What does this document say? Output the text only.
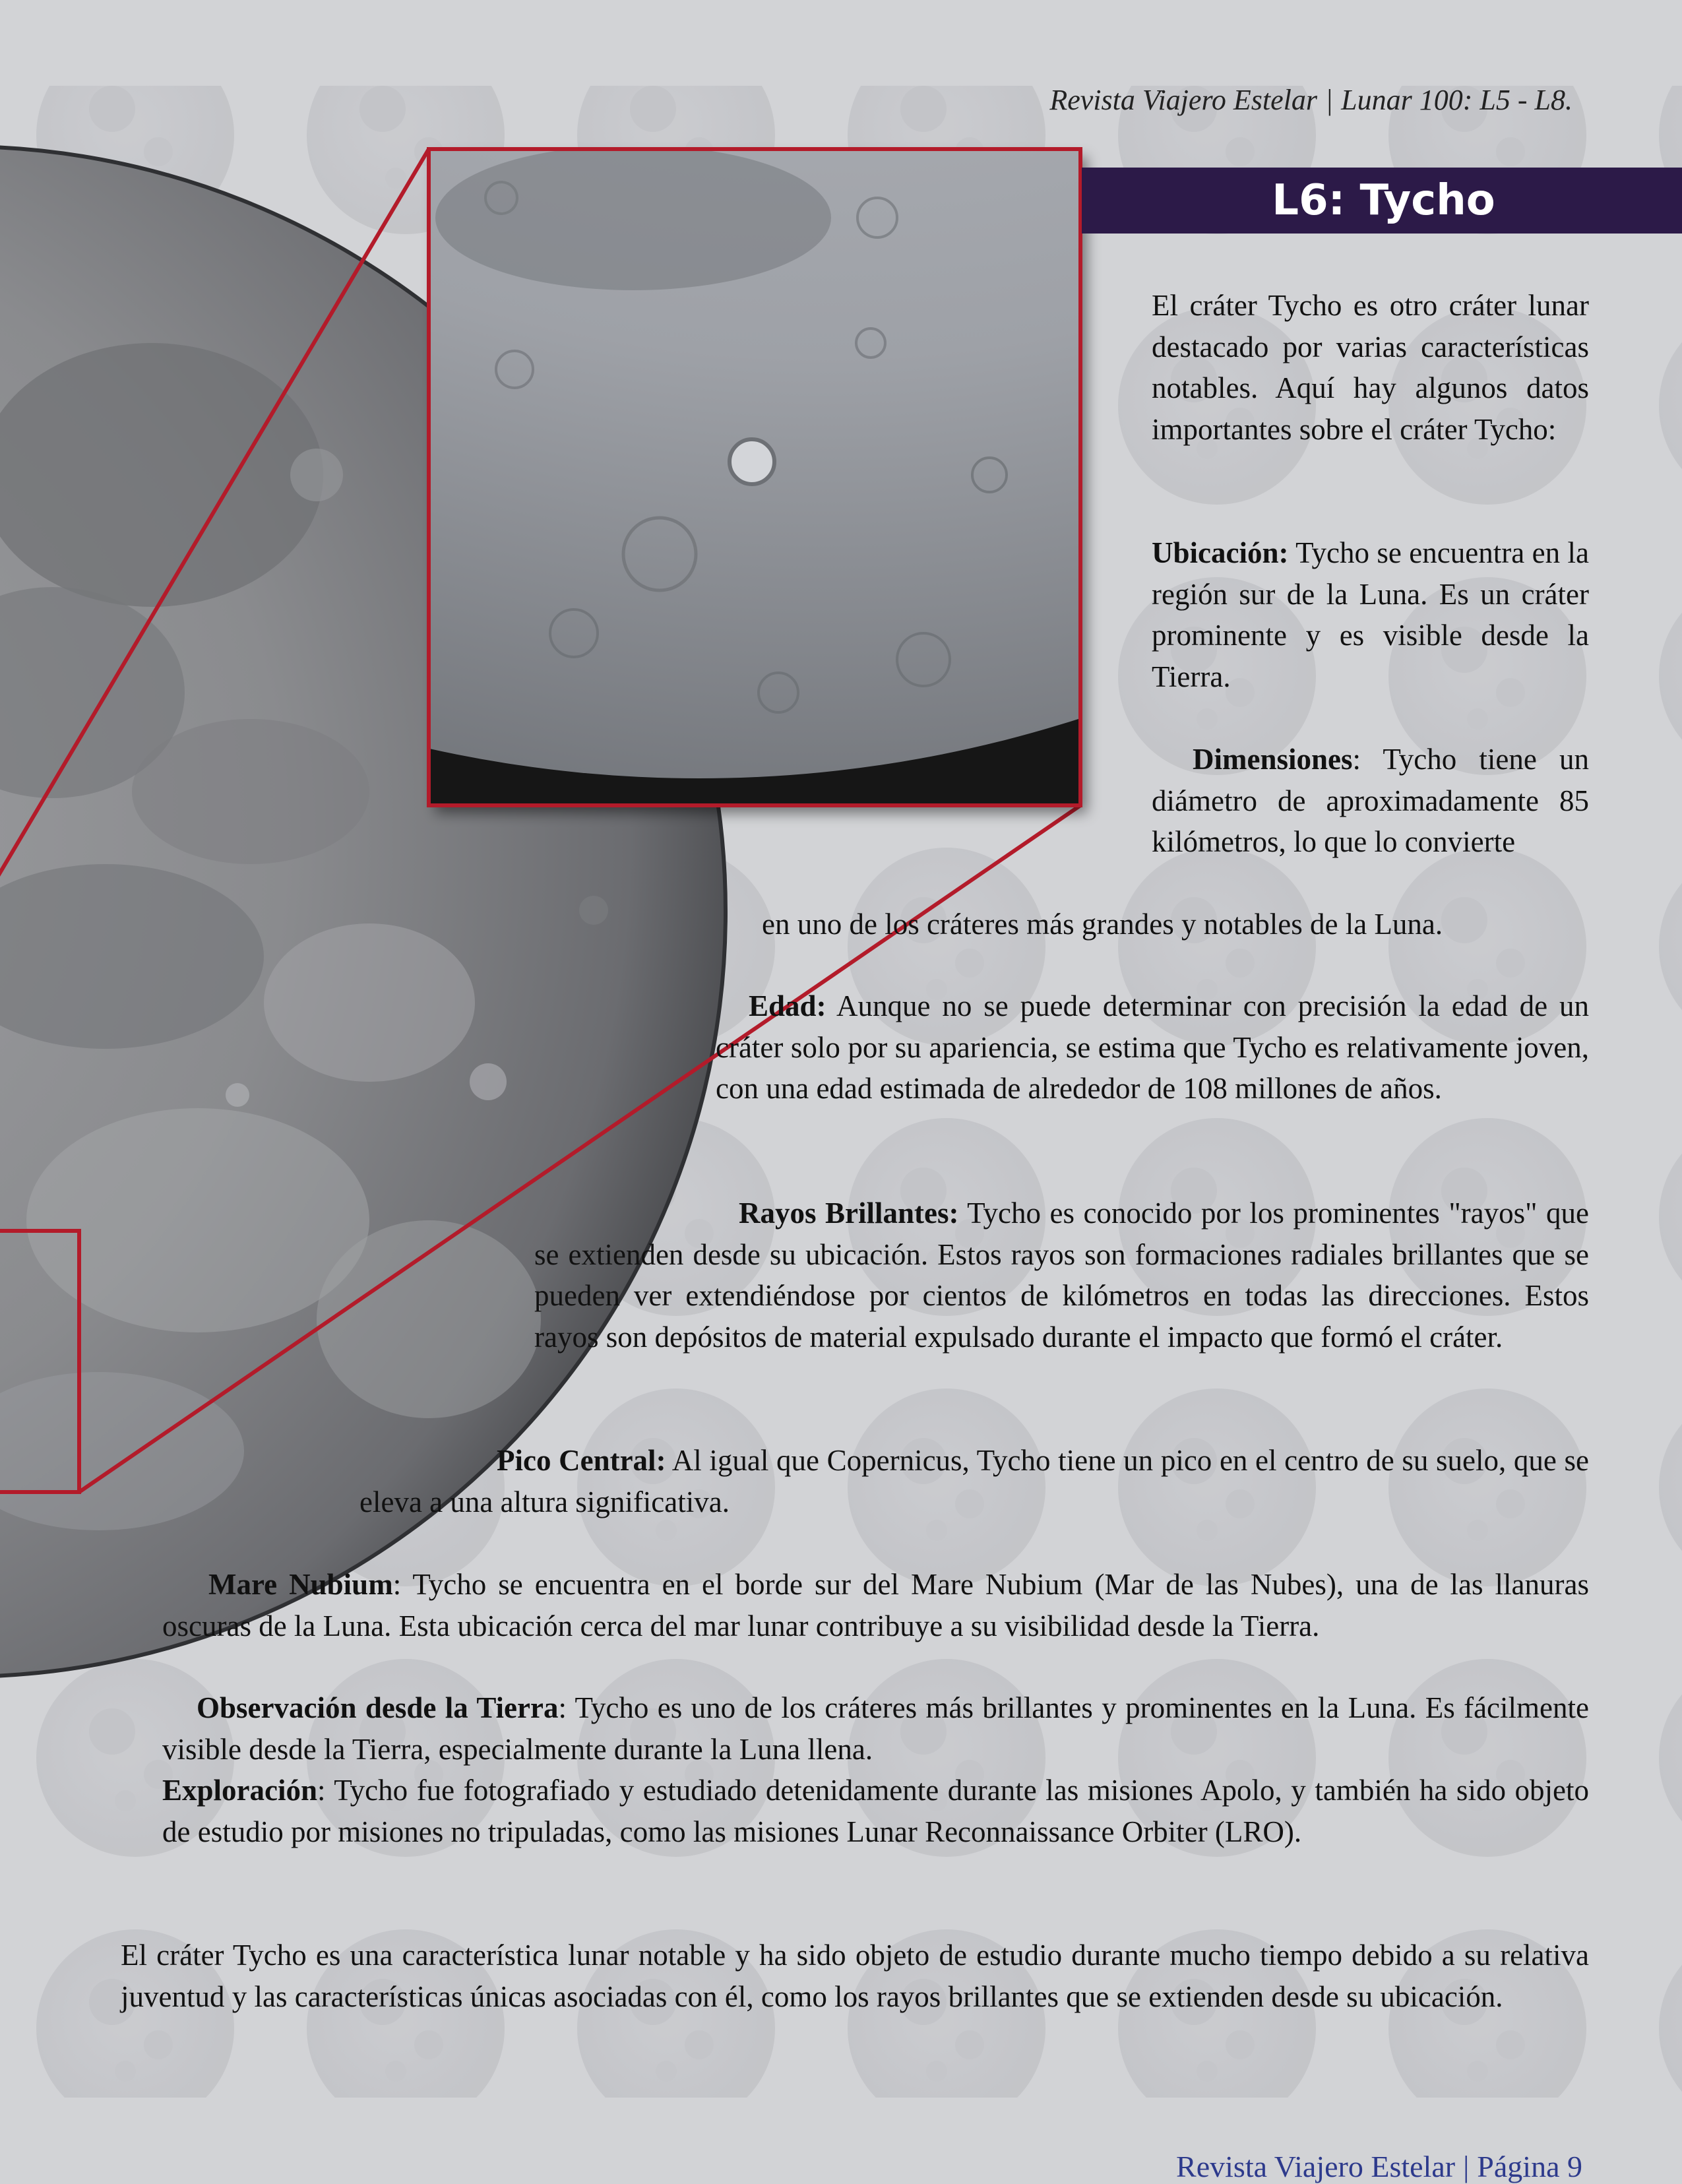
Revista Viajero Estelar | Lunar 100: L5 - L8.
L6: Tycho
El cráter Tycho es otro cráter lunar destacado por varias características notables. Aquí hay algunos datos importantes sobre el cráter Tycho:
Ubicación: Tycho se encuentra en la región sur de la Luna. Es un cráter prominente y es visible desde la Tierra.
Dimensiones: Tycho tiene un diámetro de aproximadamente 85 kilómetros, lo que lo convierte
en uno de los cráteres más grandes y notables de la Luna.
Edad: Aunque no se puede determinar con precisión la edad de un cráter solo por su apariencia, se estima que Tycho es relativamente joven, con una edad estimada de alrededor de 108 millones de años.
Rayos Brillantes: Tycho es conocido por los prominentes "rayos" que se extienden desde su ubicación. Estos rayos son formaciones radiales brillantes que se pueden ver extendiéndose por cientos de kilómetros en todas las direcciones. Estos rayos son depósitos de material expulsado durante el impacto que formó el cráter.
Pico Central: Al igual que Copernicus, Tycho tiene un pico en el centro de su suelo, que se eleva a una altura significativa.
Mare Nubium: Tycho se encuentra en el borde sur del Mare Nubium (Mar de las Nubes), una de las llanuras oscuras de la Luna. Esta ubicación cerca del mar lunar contribuye a su visibilidad desde la Tierra.
Observación desde la Tierra: Tycho es uno de los cráteres más brillantes y prominentes en la Luna. Es fácilmente visible desde la Tierra, especialmente durante la Luna llena.
Exploración: Tycho fue fotografiado y estudiado detenidamente durante las misiones Apolo, y también ha sido objeto de estudio por misiones no tripuladas, como las misiones Lunar Reconnaissance Orbiter (LRO).
El cráter Tycho es una característica lunar notable y ha sido objeto de estudio durante mucho tiempo debido a su relativa juventud y las características únicas asociadas con él, como los rayos brillantes que se extienden desde su ubicación.
Revista Viajero Estelar | Página 9
